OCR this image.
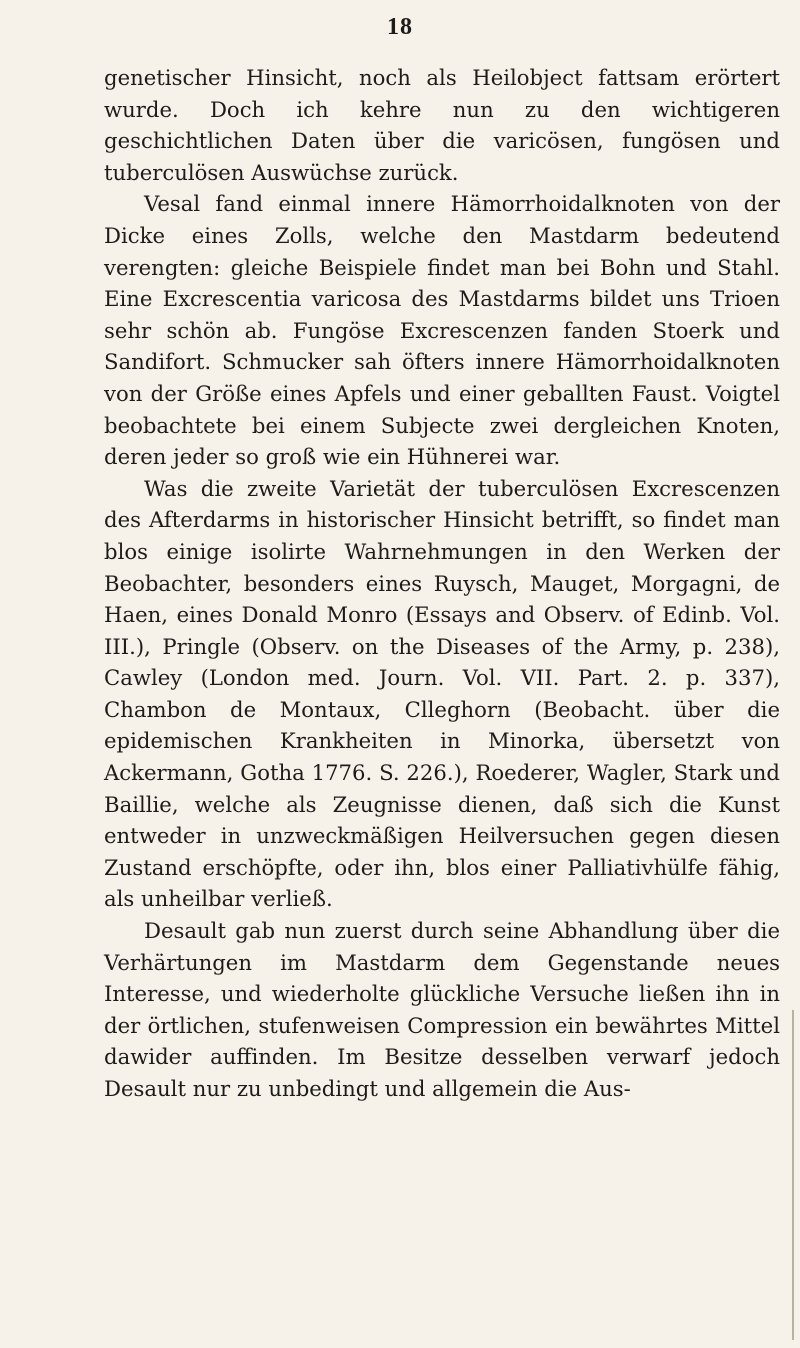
18

genetischer Hinsicht, noch als Heilobject fattsam erörtert wurde. Doch ich kehre nun zu den wichtigeren geschichtlichen Daten über die varicösen, fungösen und tuberculösen Auswüchse zurück.

Vesal fand einmal innere Hämorrhoidalknoten von der Dicke eines Zolls, welche den Mastdarm bedeutend verengten: gleiche Beispiele findet man bei Bohn und Stahl. Eine Excrescentia varicosa des Mastdarms bildet uns Trioen sehr schön ab. Fungöse Excrescenzen fanden Stoerk und Sandifort. Schmucker sah öfters innere Hämorrhoidalknoten von der Größe eines Apfels und einer geballten Faust. Voigtel beobachtete bei einem Subjecte zwei dergleichen Knoten, deren jeder so groß wie ein Hühnerei war.

Was die zweite Varietät der tuberculösen Excrescenzen des Afterdarms in historischer Hinsicht betrifft, so findet man blos einige isolirte Wahrnehmungen in den Werken der Beobachter, besonders eines Ruysch, Mauget, Morgagni, de Haen, eines Donald Monro (Essays and Observ. of Edinb. Vol. III.), Pringle (Observ. on the Diseases of the Army, p. 238), Cawley (London med. Journ. Vol. VII. Part. 2. p. 337), Chambon de Montaux, Clleghorn (Beobacht. über die epidemischen Krankheiten in Minorka, übersetzt von Ackermann, Gotha 1776. S. 226.), Roederer, Wagler, Stark und Baillie, welche als Zeugnisse dienen, daß sich die Kunst entweder in unzweckmäßigen Heilversuchen gegen diesen Zustand erschöpfte, oder ihn, blos einer Palliativhülfe fähig, als unheilbar verließ.

Desault gab nun zuerst durch seine Abhandlung über die Verhärtungen im Mastdarm dem Gegenstande neues Interesse, und wiederholte glückliche Versuche ließen ihn in der örtlichen, stufenweisen Compression ein bewährtes Mittel dawider auffinden. Im Besitze desselben verwarf jedoch Desault nur zu unbedingt und allgemein die Aus-
